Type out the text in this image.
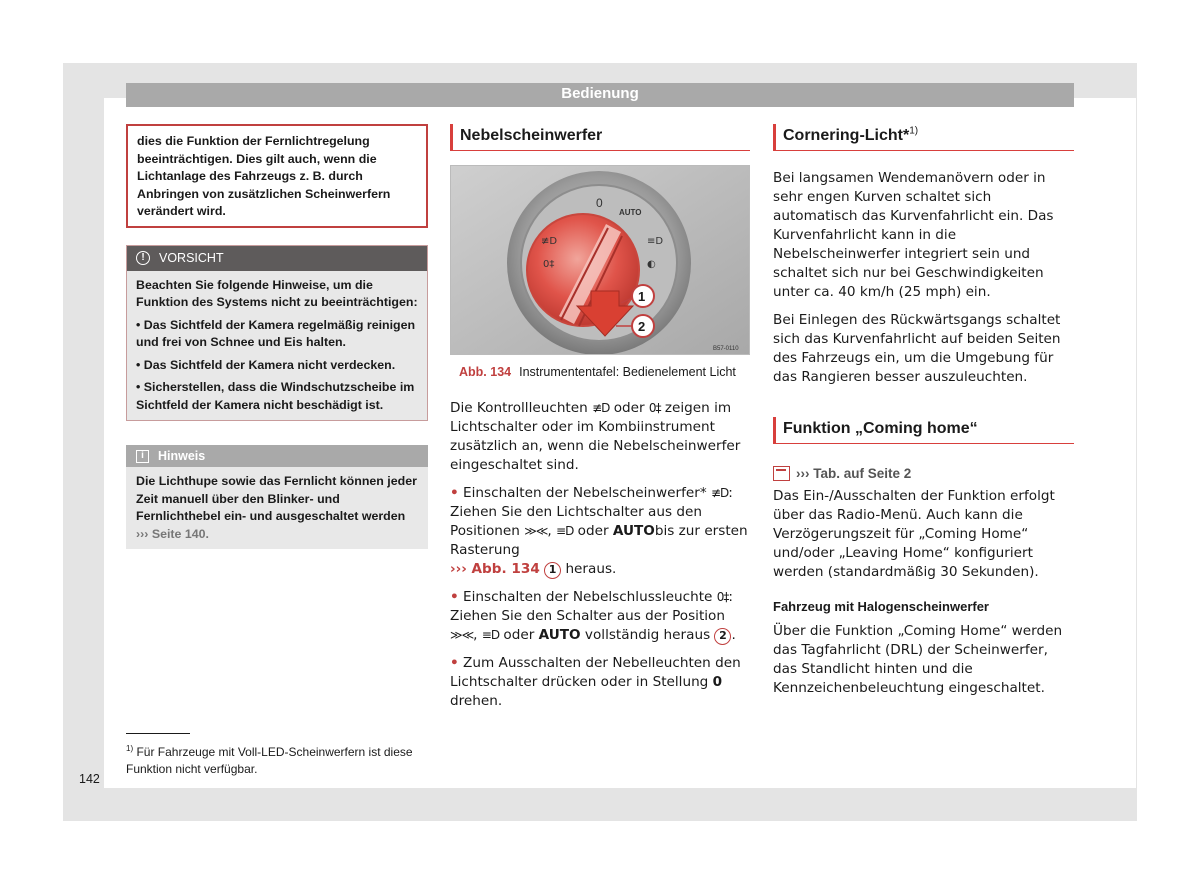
Bedienung
dies die Funktion der Fernlichtregelung beeinträchtigen. Dies gilt auch, wenn die Lichtanlage des Fahrzeugs z. B. durch Anbringen von zusätzlichen Scheinwerfern verändert wird.
!	VORSICHT

Beachten Sie folgende Hinweise, um die Funktion des Systems nicht zu beeinträchtigen:

• Das Sichtfeld der Kamera regelmäßig reinigen und frei von Schnee und Eis halten.

• Das Sichtfeld der Kamera nicht verdecken.

• Sicherstellen, dass die Windschutzscheibe im Sichtfeld der Kamera nicht beschädigt ist.

i	Hinweis
Die Lichthupe sowie das Fernlicht können jeder Zeit manuell über den Blinker- und Fernlichthebel ein- und ausgeschaltet werden ››› Seite 140.
Nebelscheinwerfer
0
AUTO
≢D
0‡
≡D
◐
1
2
B57-0110
Abb. 134 Instrumententafel: Bedienelement Licht

Die Kontrollleuchten ≢D oder 0‡ zeigen im Lichtschalter oder im Kombiinstrument zusätzlich an, wenn die Nebelscheinwerfer eingeschaltet sind.

• Einschalten der Nebelscheinwerfer* ≢D: Ziehen Sie den Lichtschalter aus den Positionen ≫≪, ≡D oder AUTObis zur ersten Rasterung
››› Abb. 134 1 heraus.

• Einschalten der Nebelschlussleuchte 0‡: Ziehen Sie den Schalter aus der Position ≫≪, ≡D oder AUTO vollständig heraus 2 .

• Zum Ausschalten der Nebelleuchten den Lichtschalter drücken oder in Stellung 0 drehen.

Cornering-Licht*$^{1)}$

Bei langsamen Wendemanövern oder in sehr engen Kurven schaltet sich automatisch das Kurvenfahrlicht ein. Das Kurvenfahrlicht kann in die Nebelscheinwerfer integriert sein und schaltet sich nur bei Geschwindigkeiten unter ca. 40 km/h (25 mph) ein.

Bei Einlegen des Rückwärtsgangs schaltet sich das Kurvenfahrlicht auf beiden Seiten des Fahrzeugs ein, um die Umgebung für das Rangieren besser auszuleuchten.

Funktion „Coming home“
››› Tab. auf Seite 2

Das Ein-/Ausschalten der Funktion erfolgt über das Radio-Menü. Auch kann die Verzögerungszeit für „Coming Home“ und/oder „Leaving Home“ konfiguriert werden (standardmäßig 30 Sekunden).

Fahrzeug mit Halogenscheinwerfer

Über die Funktion „Coming Home“ werden das Tagfahrlicht (DRL) der Scheinwerfer, das Standlicht hinten und die Kennzeichenbeleuchtung eingeschaltet.

$^{1)}$ Für Fahrzeuge mit Voll-LED-Scheinwerfern ist diese Funktion nicht verfügbar.
142
